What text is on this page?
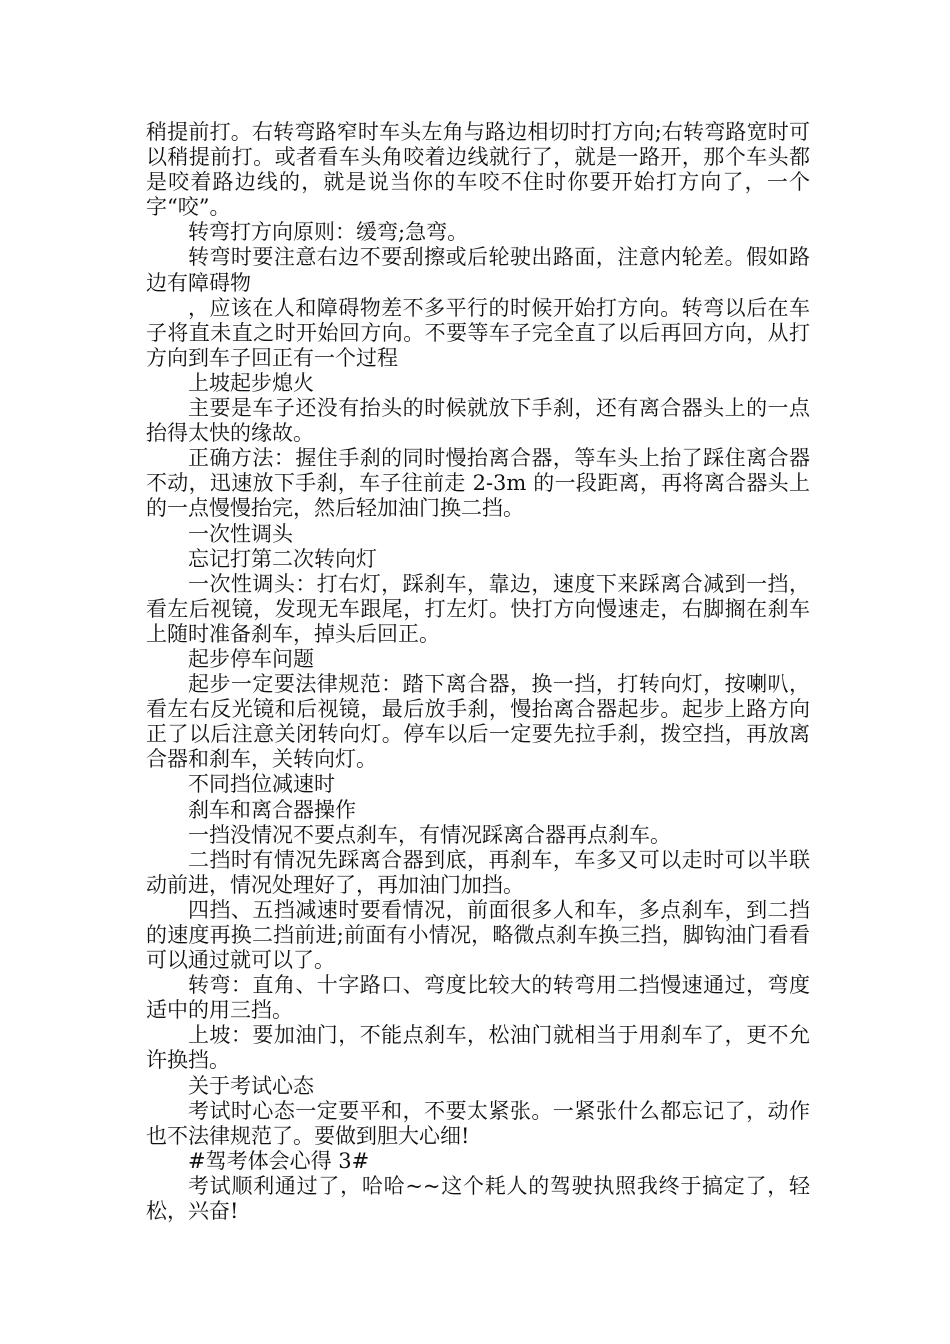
稍提前打。右转弯路窄时车头左角与路边相切时打方向;右转弯路宽时可以稍提前打。或者看车头角咬着边线就行了，就是一路开，那个车头都是咬着路边线的，就是说当你的车咬不住时你要开始打方向了，一个字“咬”。

转弯打方向原则：缓弯;急弯。

转弯时要注意右边不要刮擦或后轮驶出路面，注意内轮差。假如路边有障碍物

，应该在人和障碍物差不多平行的时候开始打方向。转弯以后在车子将直未直之时开始回方向。不要等车子完全直了以后再回方向，从打方向到车子回正有一个过程

上坡起步熄火

主要是车子还没有抬头的时候就放下手刹，还有离合器头上的一点抬得太快的缘故。

正确方法：握住手刹的同时慢抬离合器，等车头上抬了踩住离合器不动，迅速放下手刹，车子往前走 2-3m 的一段距离，再将离合器头上的一点慢慢抬完，然后轻加油门换二挡。

一次性调头

忘记打第二次转向灯

一次性调头：打右灯，踩刹车，靠边，速度下来踩离合减到一挡，看左后视镜，发现无车跟尾，打左灯。快打方向慢速走，右脚搁在刹车上随时准备刹车，掉头后回正。

起步停车问题

起步一定要法律规范：踏下离合器，换一挡，打转向灯，按喇叭，看左右反光镜和后视镜，最后放手刹，慢抬离合器起步。起步上路方向正了以后注意关闭转向灯。停车以后一定要先拉手刹，拨空挡，再放离合器和刹车，关转向灯。

不同挡位减速时

刹车和离合器操作

一挡没情况不要点刹车，有情况踩离合器再点刹车。

二挡时有情况先踩离合器到底，再刹车，车多又可以走时可以半联动前进，情况处理好了，再加油门加挡。

四挡、五挡减速时要看情况，前面很多人和车，多点刹车，到二挡的速度再换二挡前进;前面有小情况，略微点刹车换三挡，脚钩油门看看可以通过就可以了。

转弯：直角、十字路口、弯度比较大的转弯用二挡慢速通过，弯度适中的用三挡。

上坡：要加油门，不能点刹车，松油门就相当于用刹车了，更不允许换挡。

关于考试心态

考试时心态一定要平和，不要太紧张。一紧张什么都忘记了，动作也不法律规范了。要做到胆大心细!

#驾考体会心得 3#

考试顺利通过了，哈哈~~这个耗人的驾驶执照我终于搞定了，轻松，兴奋!
